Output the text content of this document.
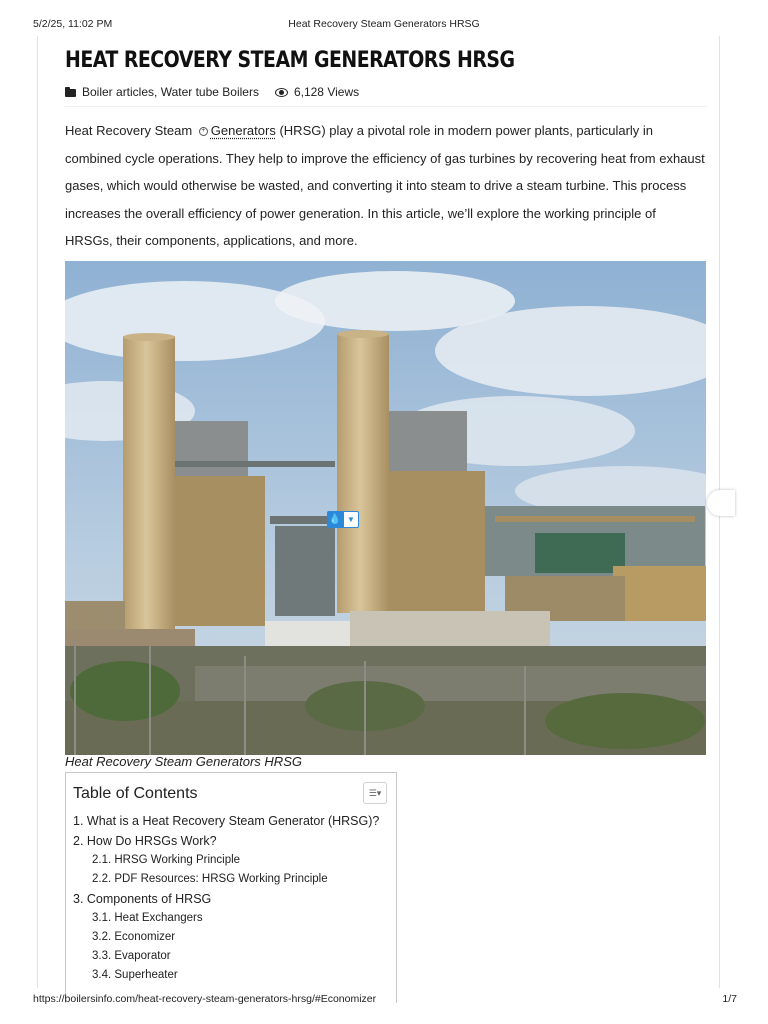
5/2/25, 11:02 PM	Heat Recovery Steam Generators HRSG
HEAT RECOVERY STEAM GENERATORS HRSG
Boiler articles, Water tube Boilers	6,128 Views

Heat Recovery Steam + Generators (HRSG) play a pivotal role in modern power plants, particularly in combined cycle operations. They help to improve the efficiency of gas turbines by recovering heat from exhaust gases, which would otherwise be wasted, and converting it into steam to drive a steam turbine. This process increases the overall efficiency of power generation. In this article, we’ll explore the working principle of HRSGs, their components, applications, and more.

Heat Recovery Steam Generators HRSG
Table of Contents	☰▾
1. What is a Heat Recovery Steam Generator (HRSG)?
2. How Do HRSGs Work?
2.1. HRSG Working Principle
2.2. PDF Resources: HRSG Working Principle
3. Components of HRSG
3.1. Heat Exchangers
3.2. Economizer
3.3. Evaporator
3.4. Superheater
💧 ▼
https://boilersinfo.com/heat-recovery-steam-generators-hrsg/#Economizer	1/7
